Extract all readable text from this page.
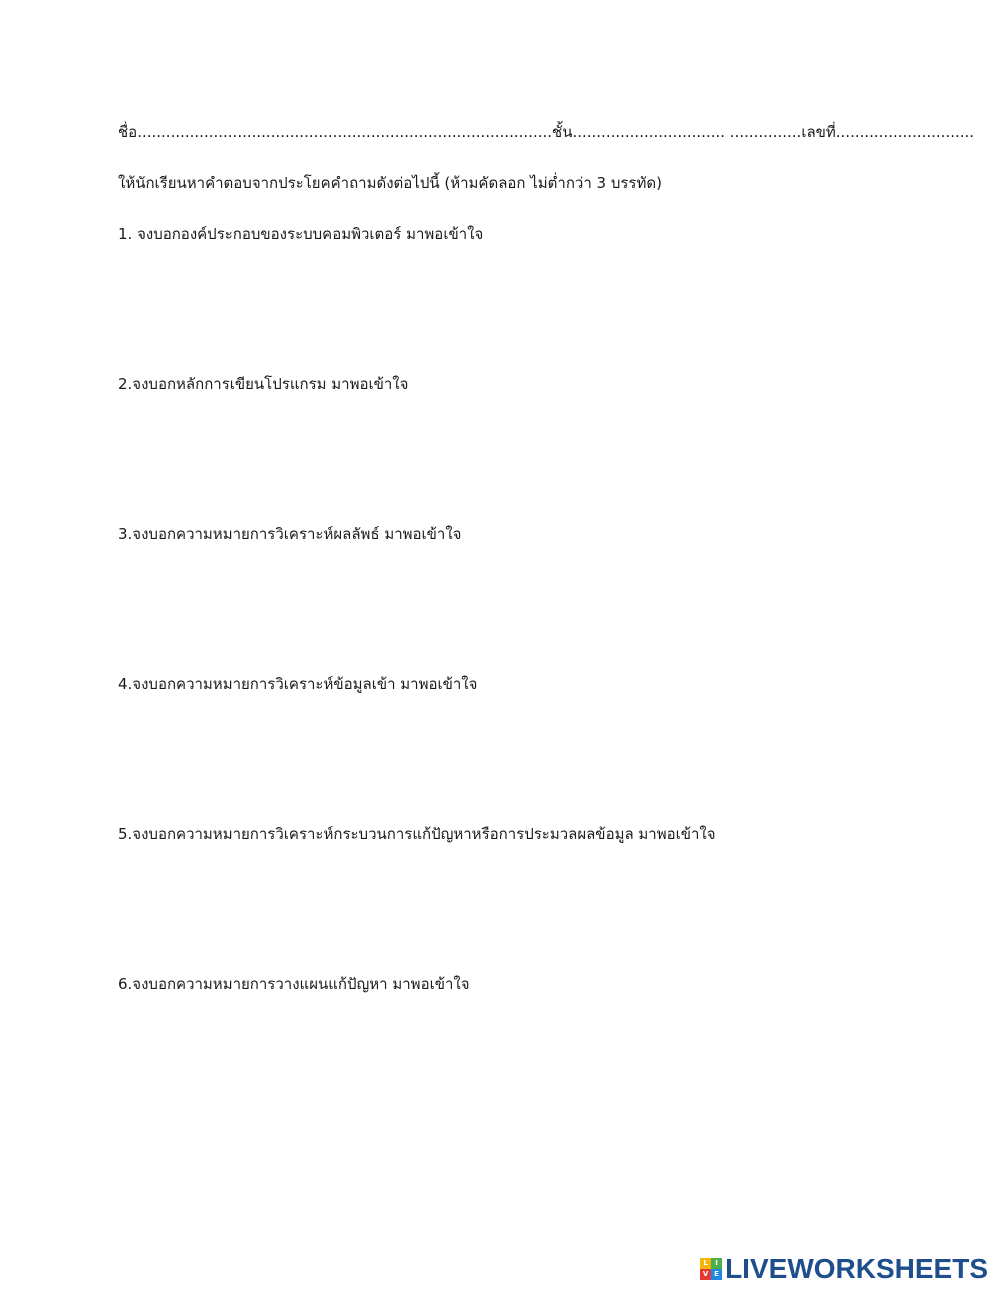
ชื่อ.......................................................................................ชั้น................................ ...............เลขที่.............................
ให้นักเรียนหาคำตอบจากประโยคคำถามดังต่อไปนี้ (ห้ามคัดลอก ไม่ต่ำกว่า 3 บรรทัด)
1. จงบอกองค์ประกอบของระบบคอมพิวเตอร์ มาพอเข้าใจ
2.จงบอกหลักการเขียนโปรแกรม มาพอเข้าใจ
3.จงบอกความหมายการวิเคราะห์ผลลัพธ์ มาพอเข้าใจ
4.จงบอกความหมายการวิเคราะห์ข้อมูลเข้า มาพอเข้าใจ
5.จงบอกความหมายการวิเคราะห์กระบวนการแก้ปัญหาหรือการประมวลผลข้อมูล มาพอเข้าใจ
6.จงบอกความหมายการวางแผนแก้ปัญหา มาพอเข้าใจ
L	I
V E LIVEWORKSHEETS
